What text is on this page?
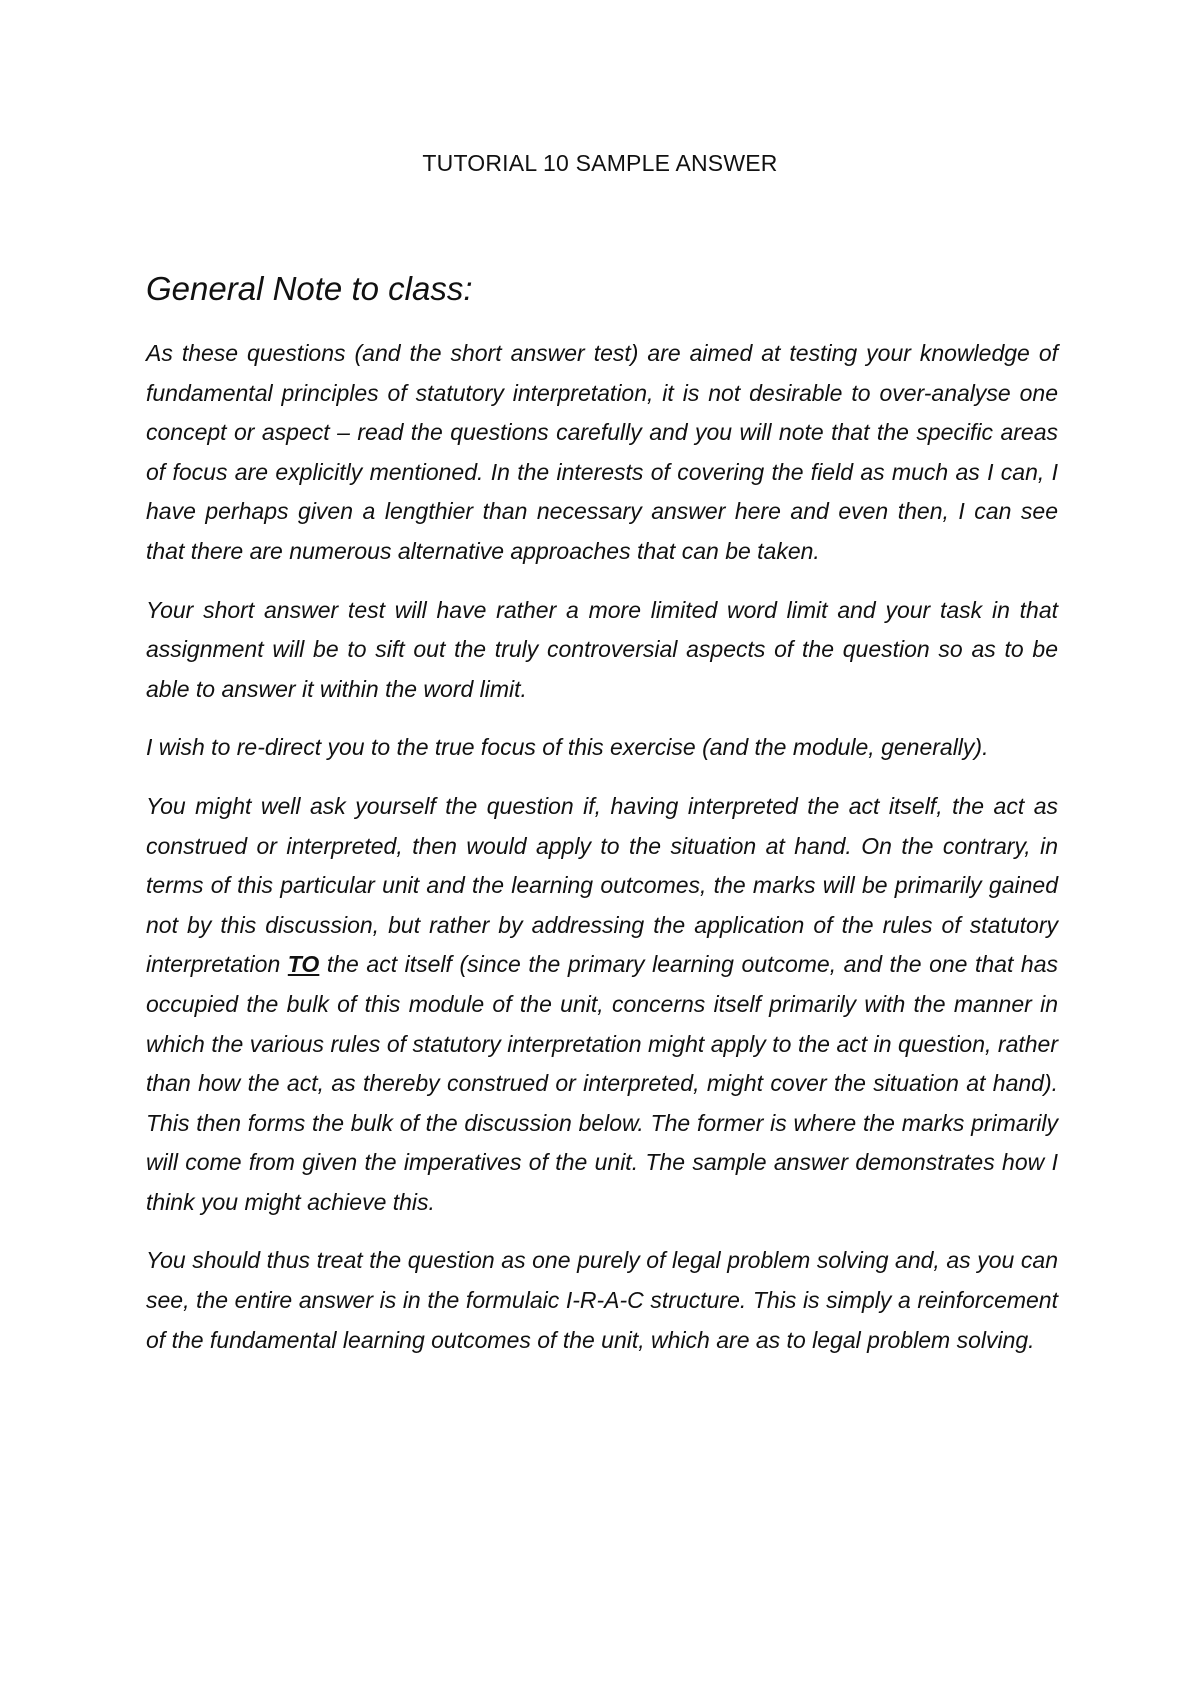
TUTORIAL 10 SAMPLE ANSWER
General Note to class:

As these questions (and the short answer test) are aimed at testing your knowledge of fundamental principles of statutory interpretation, it is not desirable to over-analyse one concept or aspect – read the questions carefully and you will note that the specific areas of focus are explicitly mentioned. In the interests of covering the field as much as I can, I have perhaps given a lengthier than necessary answer here and even then, I can see that there are numerous alternative approaches that can be taken.

Your short answer test will have rather a more limited word limit and your task in that assignment will be to sift out the truly controversial aspects of the question so as to be able to answer it within the word limit.

I wish to re-direct you to the true focus of this exercise (and the module, generally).

You might well ask yourself the question if, having interpreted the act itself, the act as construed or interpreted, then would apply to the situation at hand. On the contrary, in terms of this particular unit and the learning outcomes, the marks will be primarily gained not by this discussion, but rather by addressing the application of the rules of statutory interpretation TO the act itself (since the primary learning outcome, and the one that has occupied the bulk of this module of the unit, concerns itself primarily with the manner in which the various rules of statutory interpretation might apply to the act in question, rather than how the act, as thereby construed or interpreted, might cover the situation at hand). This then forms the bulk of the discussion below. The former is where the marks primarily will come from given the imperatives of the unit. The sample answer demonstrates how I think you might achieve this.

You should thus treat the question as one purely of legal problem solving and, as you can see, the entire answer is in the formulaic I-R-A-C structure. This is simply a reinforcement of the fundamental learning outcomes of the unit, which are as to legal problem solving.
